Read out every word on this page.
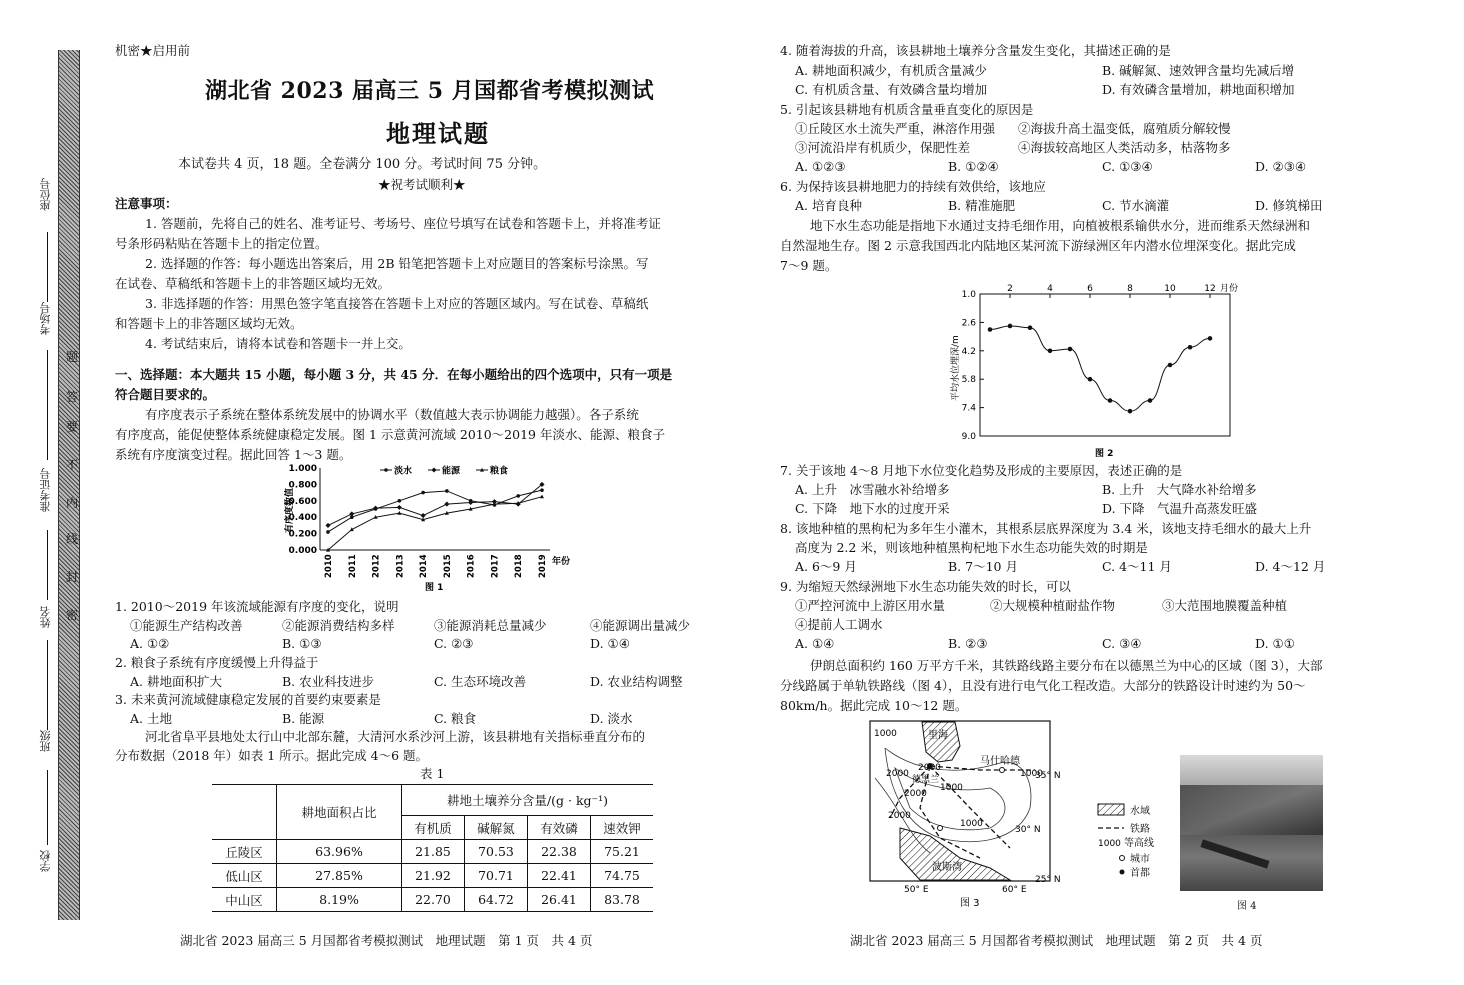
座位号
考场号
准考证号
姓名
班级
学校
题
答
要
不
内
线
封
密
机密★启用前
湖北省 2023 届高三 5 月国都省考模拟测试
地理试题
本试卷共 4 页，18 题。全卷满分 100 分。考试时间 75 分钟。
★祝考试顺利★
注意事项：
1. 答题前，先将自己的姓名、准考证号、考场号、座位号填写在试卷和答题卡上，并将准考证
号条形码粘贴在答题卡上的指定位置。
2. 选择题的作答：每小题选出答案后，用 2B 铅笔把答题卡上对应题目的答案标号涂黑。写
在试卷、草稿纸和答题卡上的非答题区域均无效。
3. 非选择题的作答：用黑色签字笔直接答在答题卡上对应的答题区域内。写在试卷、草稿纸
和答题卡上的非答题区域均无效。
4. 考试结束后，请将本试卷和答题卡一并上交。
一、选择题：本大题共 15 小题，每小题 3 分，共 45 分．在每小题给出的四个选项中，只有一项是
符合题目要求的。
有序度表示子系统在整体系统发展中的协调水平（数值越大表示协调能力越强）。各子系统
有序度高，能促使整体系统健康稳定发展。图 1 示意黄河流域 2010～2019 年淡水、能源、粮食子
系统有序度演变过程。据此回答 1～3 题。
1.000
0.800
0.600
0.400
0.200
0.000
2010 2011 2012 2013 2014 2015 2016 2017 2018 2019 年份
有序度数值
淡水	能源	粮食
图 1
1. 2010～2019 年该流域能源有序度的变化，说明
①能源生产结构改善	②能源消费结构多样	③能源消耗总量减少	④能源调出量减少
A. ①②	B. ①③	C. ②③	D. ①④
2. 粮食子系统有序度缓慢上升得益于
A. 耕地面积扩大	B. 农业科技进步	C. 生态环境改善	D. 农业结构调整
3. 未来黄河流域健康稳定发展的首要约束要素是
A. 土地	B. 能源	C. 粮食	D. 淡水
河北省阜平县地处太行山中北部东麓，大清河水系沙河上游，该县耕地有关指标垂直分布的
分布数据（2018 年）如表 1 所示。据此完成 4～6 题。
表 1
	耕地面积占比	耕地土壤养分含量/(g · kg⁻¹)			
		有机质	碱解氮	有效磷	速效钾
丘陵区	63.96%	21.85	70.53	22.38	75.21
低山区	27.85%	21.92	70.71	22.41	74.75
中山区	8.19%	22.70	64.72	26.41	83.78
湖北省 2023 届高三 5 月国都省考模拟测试　地理试题　第 1 页　共 4 页
4. 随着海拔的升高，该县耕地土壤养分含量发生变化，其描述正确的是
A. 耕地面积减少，有机质含量减少	B. 碱解氮、速效钾含量均先减后增
C. 有机质含量、有效磷含量均增加	D. 有效磷含量增加，耕地面积增加
5. 引起该县耕地有机质含量垂直变化的原因是
①丘陵区水土流失严重，淋溶作用强 ②海拔升高土温变低，腐殖质分解较慢
③河流沿岸有机质少，保肥性差	④海拔较高地区人类活动多，枯落物多
A. ①②③	B. ①②④	C. ①③④	D. ②③④
6. 为保持该县耕地肥力的持续有效供给，该地应
A. 培育良种	B. 精准施肥	C. 节水滴灌	D. 修筑梯田
地下水生态功能是指地下水通过支持毛细作用，向植被根系输供水分，进而维系天然绿洲和
自然湿地生存。图 2 示意我国西北内陆地区某河流下游绿洲区年内潜水位埋深变化。据此完成
7～9 题。
1.0
2.6
4.2
5.8
7.4
9.0
2	4	6	8	10	12 月份
平均水位埋深/m
图 2
7. 关于该地 4～8 月地下水位变化趋势及形成的主要原因，表述正确的是
A. 上升　冰雪融水补给增多	B. 上升　大气降水补给增多
C. 下降　地下水的过度开采	D. 下降　气温升高蒸发旺盛
8. 该地种植的黑枸杞为多年生小灌木，其根系层底界深度为 3.4 米，该地支持毛细水的最大上升
高度为 2.2 米，则该地种植黑枸杞地下水生态功能失效的时期是
A. 6～9 月	B. 7～10 月	C. 4～11 月	D. 4～12 月
9. 为缩短天然绿洲地下水生态功能失效的时长，可以
①严控河流中上游区用水量	②大规模种植耐盐作物	③大范围地膜覆盖种植
④提前人工调水
A. ①④	B. ②③	C. ③④	D. ①①
伊朗总面积约 160 万平方千米，其铁路线路主要分布在以德黑兰为中心的区域（图 3），大部
分线路属于单轨铁路线（图 4），且没有进行电气化工程改造。大部分的铁路设计时速约为 50～
80km/h。据此完成 10～12 题。
里海
马什哈德
德黑兰
波斯湾
1000
2000
2000
2000
1000
1000
1000
2000
35° N
30° N
25° N
50° E	60° E
图 3
水域
铁路
1000 等高线
城市
首都
图 4
湖北省 2023 届高三 5 月国都省考模拟测试　地理试题　第 2 页　共 4 页
